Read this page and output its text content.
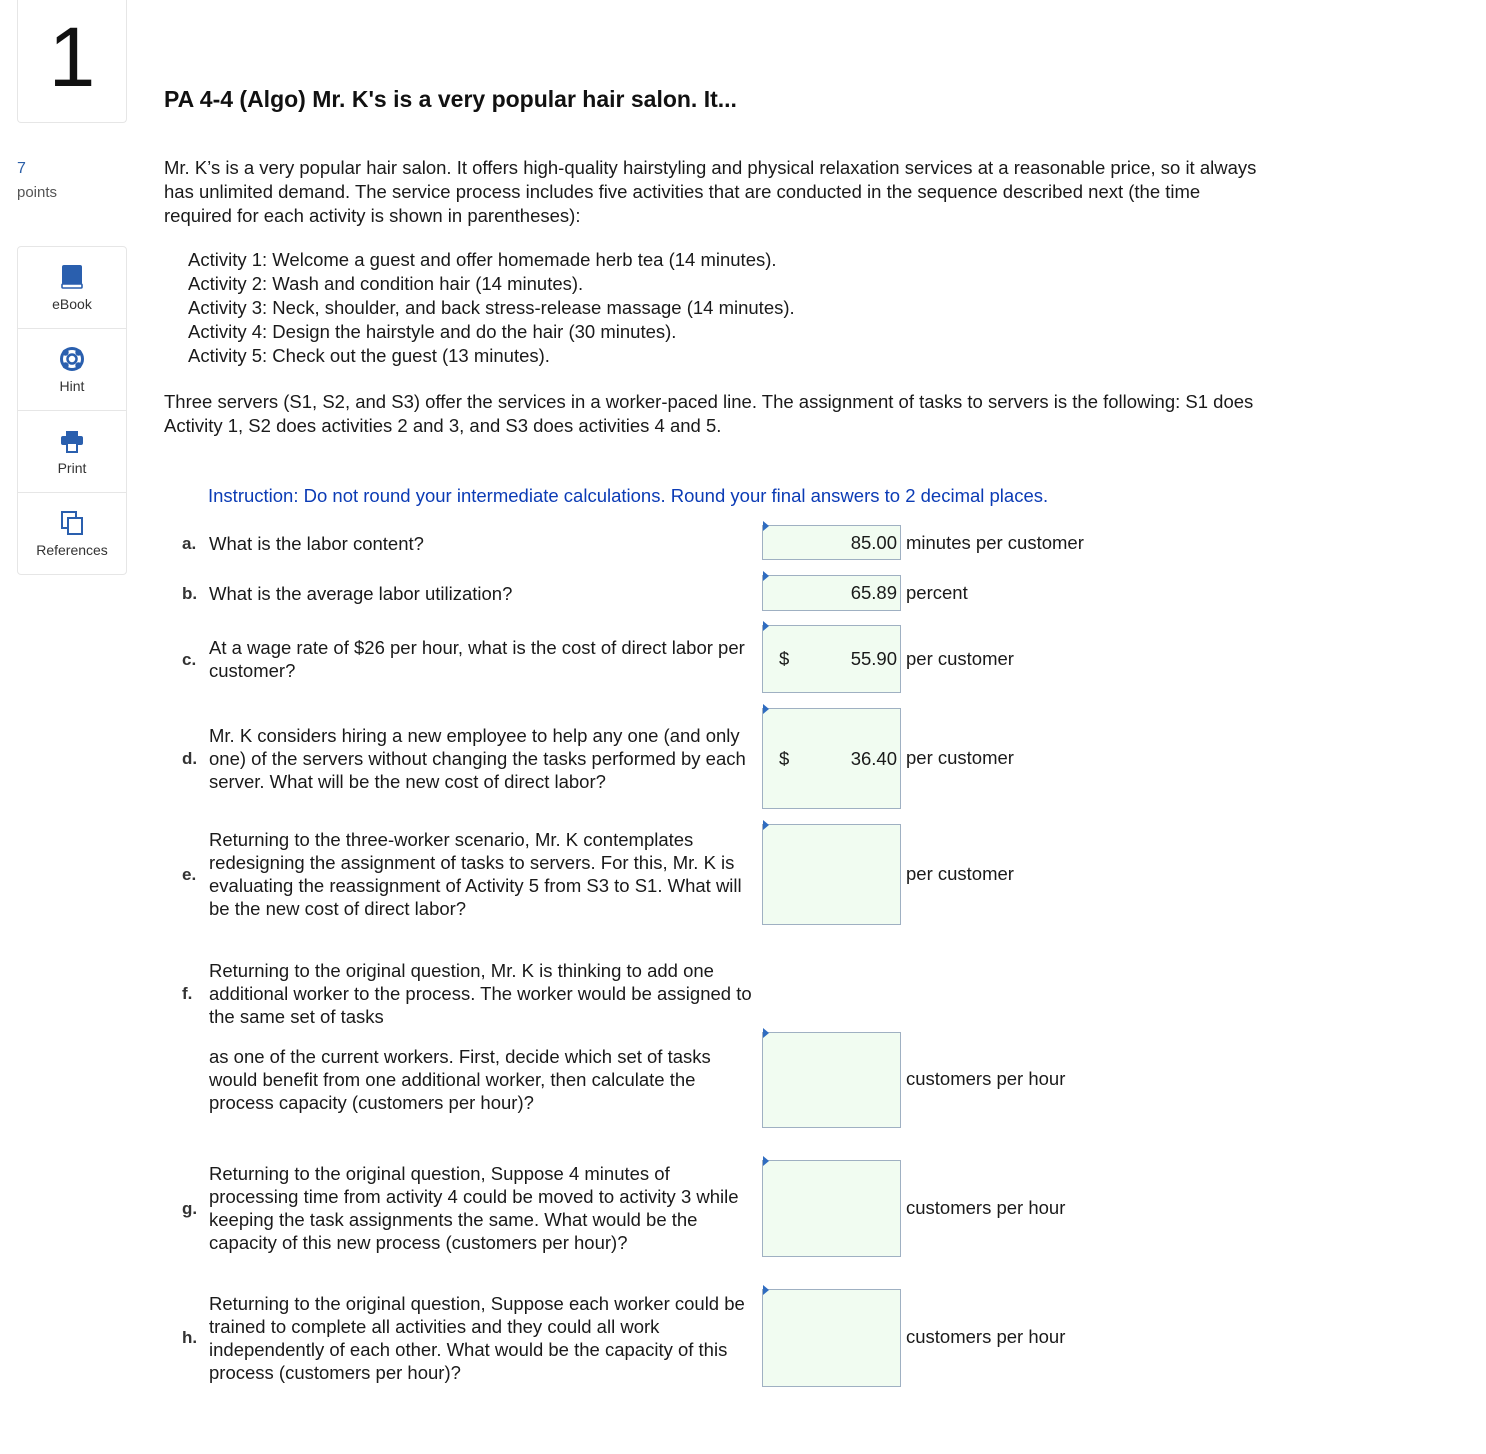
1
7
points
eBook
Hint
Print
References
PA 4-4 (Algo) Mr. K's is a very popular hair salon. It...
Mr. K’s is a very popular hair salon. It offers high-quality hairstyling and physical relaxation services at a reasonable price, so it always
has unlimited demand. The service process includes five activities that are conducted in the sequence described next (the time
required for each activity is shown in parentheses):
Activity 1: Welcome a guest and offer homemade herb tea (14 minutes).
Activity 2: Wash and condition hair (14 minutes).
Activity 3: Neck, shoulder, and back stress-release massage (14 minutes).
Activity 4: Design the hairstyle and do the hair (30 minutes).
Activity 5: Check out the guest (13 minutes).
Three servers (S1, S2, and S3) offer the services in a worker-paced line. The assignment of tasks to servers is the following: S1 does
Activity 1, S2 does activities 2 and 3, and S3 does activities 4 and 5.
Instruction: Do not round your intermediate calculations. Round your final answers to 2 decimal places.
a. What is the labor content?	85.00 minutes per customer
b. What is the average labor utilization?	65.89 percent
c.
At a wage rate of $26 per hour, what is the cost of direct labor per customer?
$	55.90 per customer
d.
Mr. K considers hiring a new employee to help any one (and only one) of the servers without changing the tasks performed by each server. What will be the new cost of direct labor?
$	36.40 per customer
e.
Returning to the three-worker scenario, Mr. K contemplates redesigning the assignment of tasks to servers. For this, Mr. K is evaluating the reassignment of Activity 5 from S3 to S1. What will be the new cost of direct labor?
per customer
f.
Returning to the original question, Mr. K is thinking to add one additional worker to the process. The worker would be assigned to the same set of tasks
as one of the current workers. First, decide which set of tasks would benefit from one additional worker, then calculate the process capacity (customers per hour)?
customers per hour
g.
Returning to the original question, Suppose 4 minutes of processing time from activity 4 could be moved to activity 3 while keeping the task assignments the same. What would be the capacity of this new process (customers per hour)?
customers per hour
h.
Returning to the original question, Suppose each worker could be trained to complete all activities and they could all work independently of each other. What would be the capacity of this process (customers per hour)?
customers per hour
